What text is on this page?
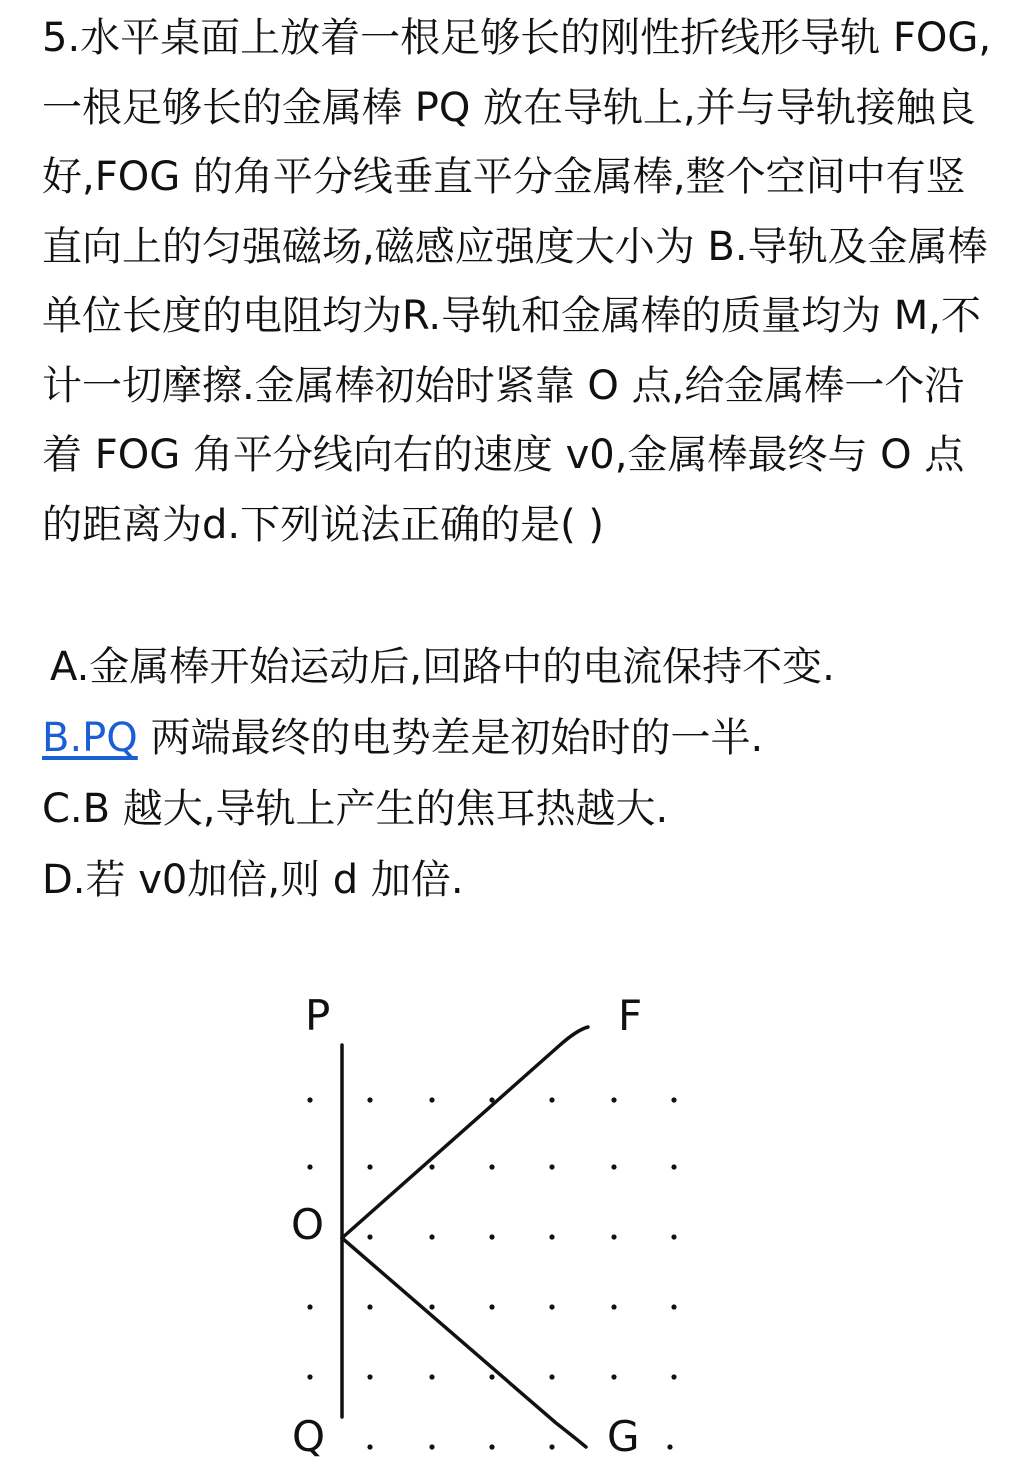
5.水平桌面上放着一根足够长的刚性折线形导轨 FOG,一根足够长的金属棒 PQ 放在导轨上,并与导轨接触良好,FOG 的角平分线垂直平分金属棒,整个空间中有竖直向上的匀强磁场,磁感应强度大小为 B.导轨及金属棒单位长度的电阻均为R.导轨和金属棒的质量均为 M,不计一切摩擦.金属棒初始时紧靠 O 点,给金属棒一个沿着 FOG 角平分线向右的速度 v0,金属棒最终与 O 点的距离为d.下列说法正确的是( )

A.金属棒开始运动后,回路中的电流保持不变.
B.PQ 两端最终的电势差是初始时的一半.
C.B 越大,导轨上产生的焦耳热越大.
D.若 v0加倍,则 d 加倍.
P	F
O
Q	G
